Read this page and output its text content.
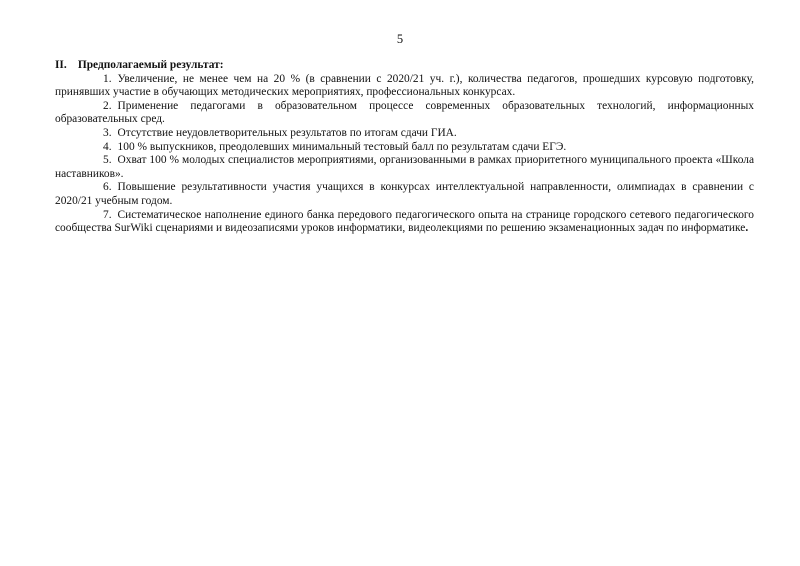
5

II. Предполагаемый результат:

1. Увеличение, не менее чем на 20 % (в сравнении с 2020/21 уч. г.), количества педагогов, прошедших курсовую подготовку, принявших участие в обучающих методических мероприятиях, профессиональных конкурсах.

2. Применение педагогами в образовательном процессе современных образовательных технологий, информационных образовательных сред.

3. Отсутствие неудовлетворительных результатов по итогам сдачи ГИА.

4. 100 % выпускников, преодолевших минимальный тестовый балл по результатам сдачи ЕГЭ.

5. Охват 100 % молодых специалистов мероприятиями, организованными в рамках приоритетного муниципального проекта «Школа наставников».

6. Повышение результативности участия учащихся в конкурсах интеллектуальной направленности, олимпиадах в сравнении с 2020/21 учебным годом.

7. Систематическое наполнение единого банка передового педагогического опыта на странице городского сетевого педагогического сообщества SurWiki сценариями и видеозаписями уроков информатики, видеолекциями по решению экзаменационных задач по информатике.
